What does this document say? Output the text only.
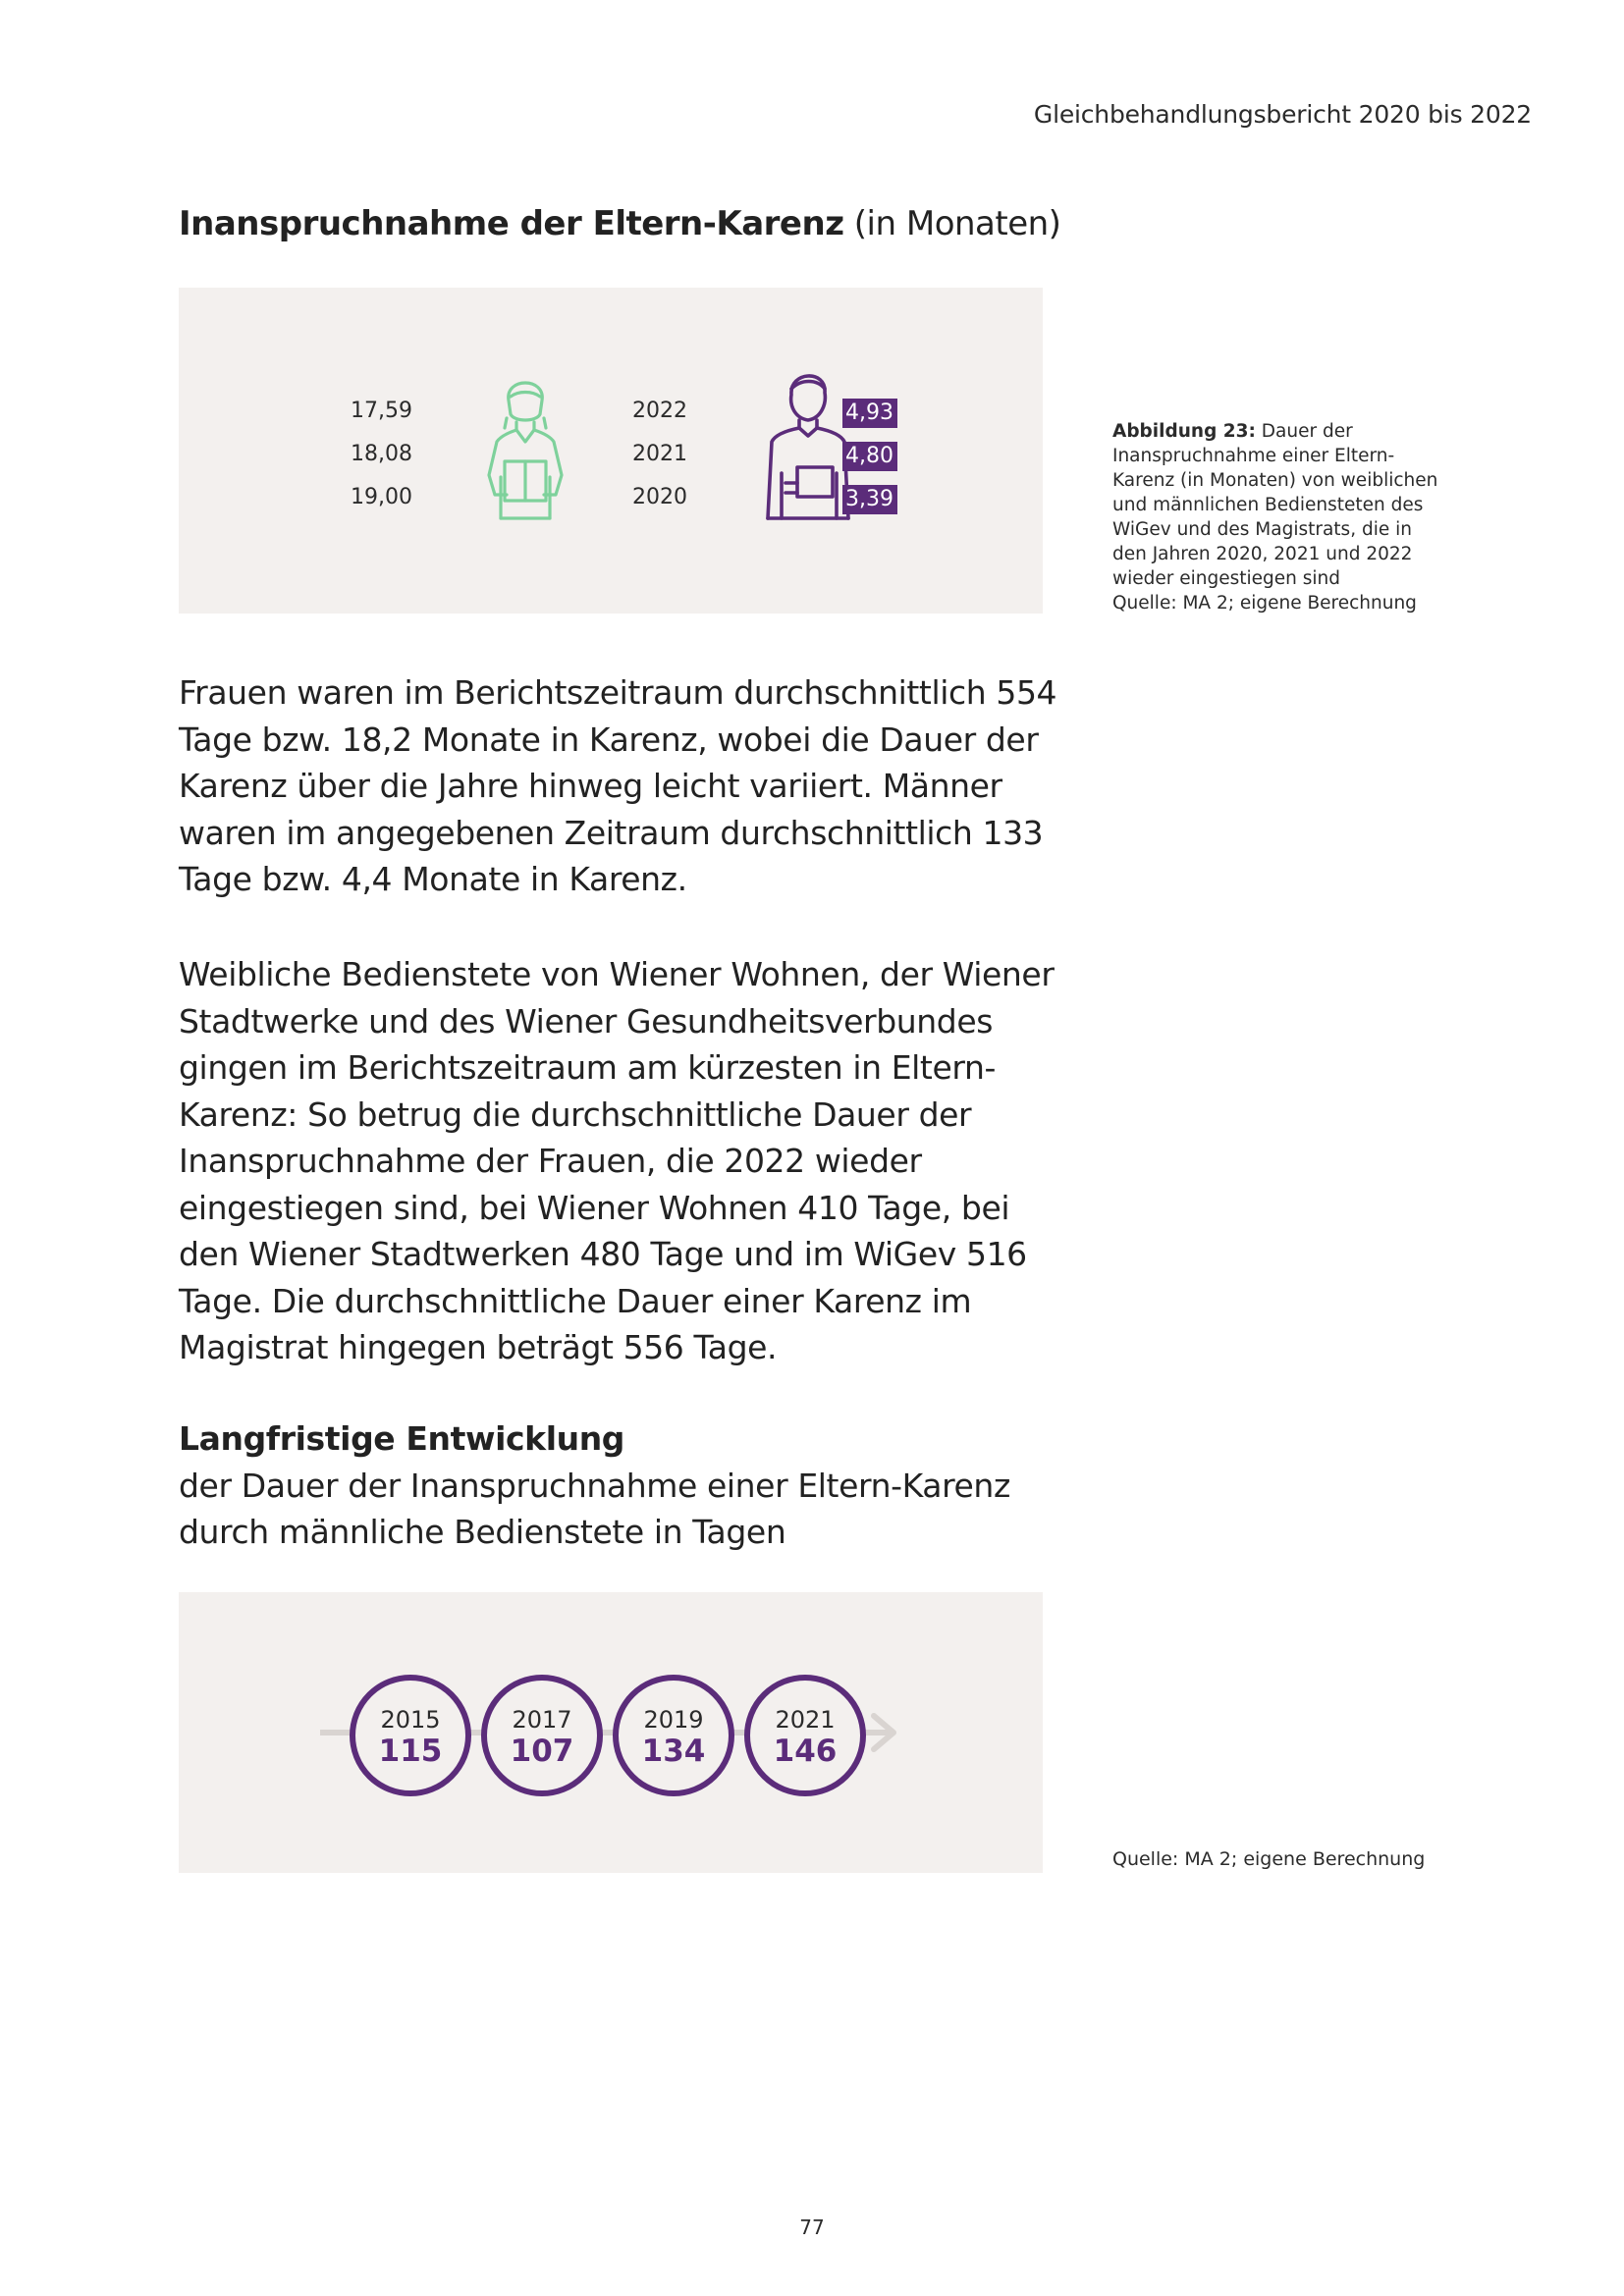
Gleichbehandlungsbericht 2020 bis 2022
Inanspruchnahme der Eltern-Karenz (in Monaten)
17,59
18,08
19,00
2022
2021
2020
4,93
4,80
3,39
Abbildung 23: Dauer der Inanspruchnahme einer Eltern-Karenz (in Monaten) von weiblichen und männlichen Bediensteten des WiGev und des Magistrats, die in den Jahren 2020, 2021 und 2022 wieder eingestiegen sind
Quelle: MA 2; eigene Berechnung

Frauen waren im Berichtszeitraum durchschnittlich 554 Tage bzw. 18,2 Monate in Karenz, wobei die Dauer der Karenz über die Jahre hinweg leicht variiert. Männer waren im angegebenen Zeitraum durchschnittlich 133 Tage bzw. 4,4 Monate in Karenz.

Weibliche Bedienstete von Wiener Wohnen, der Wiener Stadtwerke und des Wiener Gesundheitsverbundes gingen im Berichtszeitraum am kürzesten in Eltern-Karenz: So betrug die durchschnittliche Dauer der Inanspruchnahme der Frauen, die 2022 wieder eingestiegen sind, bei Wiener Wohnen 410 Tage, bei den Wiener Stadtwerken 480 Tage und im WiGev 516 Tage. Die durchschnittliche Dauer einer Karenz im Magistrat hingegen beträgt 556 Tage.

Langfristige Entwicklung
der Dauer der Inanspruchnahme einer Eltern-Karenz
durch männliche Bedienstete in Tagen
2015
115
2017
107
2019
134
2021
146
Quelle: MA 2; eigene Berechnung
77
